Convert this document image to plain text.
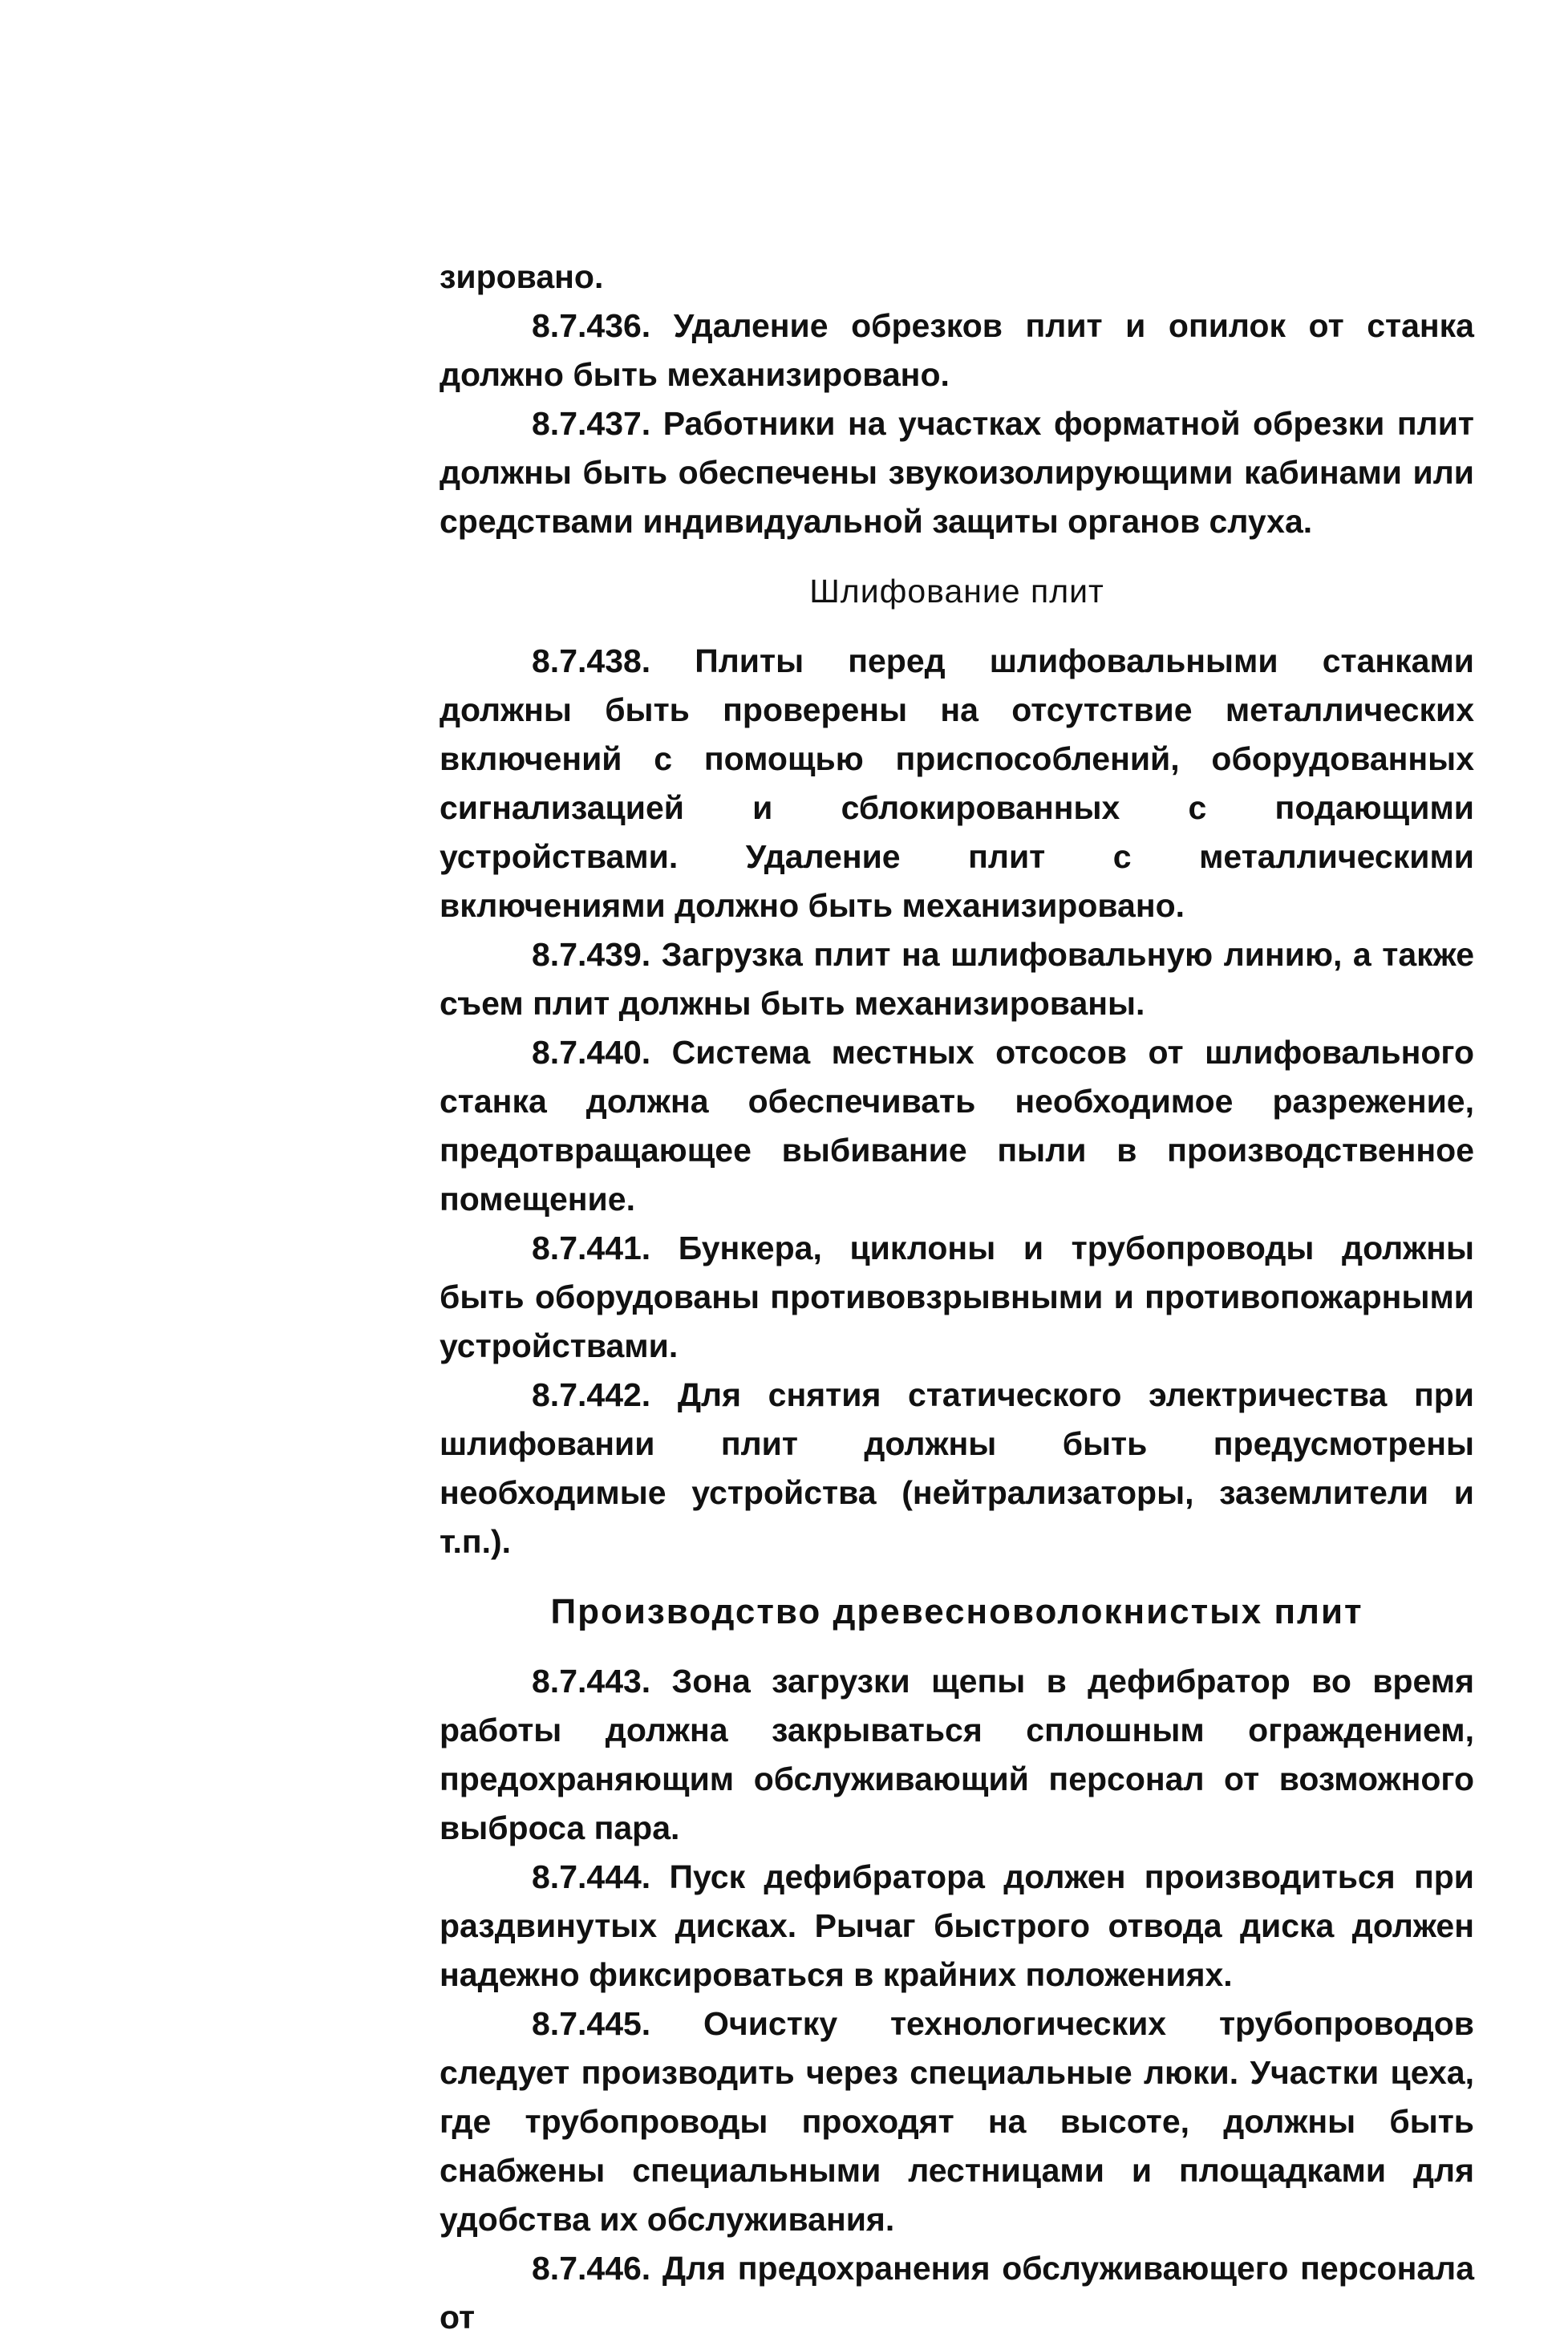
зировано.

8.7.436. Удаление обрезков плит и опилок от станка должно быть механизировано.

8.7.437. Работники на участках форматной обрезки плит должны быть обеспечены звукоизолирующими кабинами или средствами индивидуальной защиты органов слуха.

Шлифование плит

8.7.438. Плиты перед шлифовальными станками должны быть проверены на отсутствие металлических включений с помощью приспособлений, оборудованных сигнализацией и сблокированных с подающими устройствами. Удаление плит с металлическими включениями должно быть механизировано.

8.7.439. Загрузка плит на шлифовальную линию, а также съем плит должны быть механизированы.

8.7.440. Система местных отсосов от шлифовального станка должна обеспечивать необходимое разрежение, предотвращающее выбивание пыли в производственное помещение.

8.7.441. Бункера, циклоны и трубопроводы должны быть оборудованы противовзрывными и противопожарными устройствами.

8.7.442. Для снятия статического электричества при шлифовании плит должны быть предусмотрены необходимые устройства (нейтрализаторы, заземлители и т.п.).

Производство древесноволокнистых плит

8.7.443. Зона загрузки щепы в дефибратор во время работы должна закрываться сплошным ограждением, предохраняющим обслуживающий персонал от возможного выброса пара.

8.7.444. Пуск дефибратора должен производиться при раздвинутых дисках. Рычаг быстрого отвода диска должен надежно фиксироваться в крайних положениях.

8.7.445. Очистку технологических трубопроводов следует производить через специальные люки. Участки цеха, где трубопроводы проходят на высоте, должны быть снабжены специальными лестницами и площадками для удобства их обслуживания.

8.7.446. Для предохранения обслуживающего персонала от
